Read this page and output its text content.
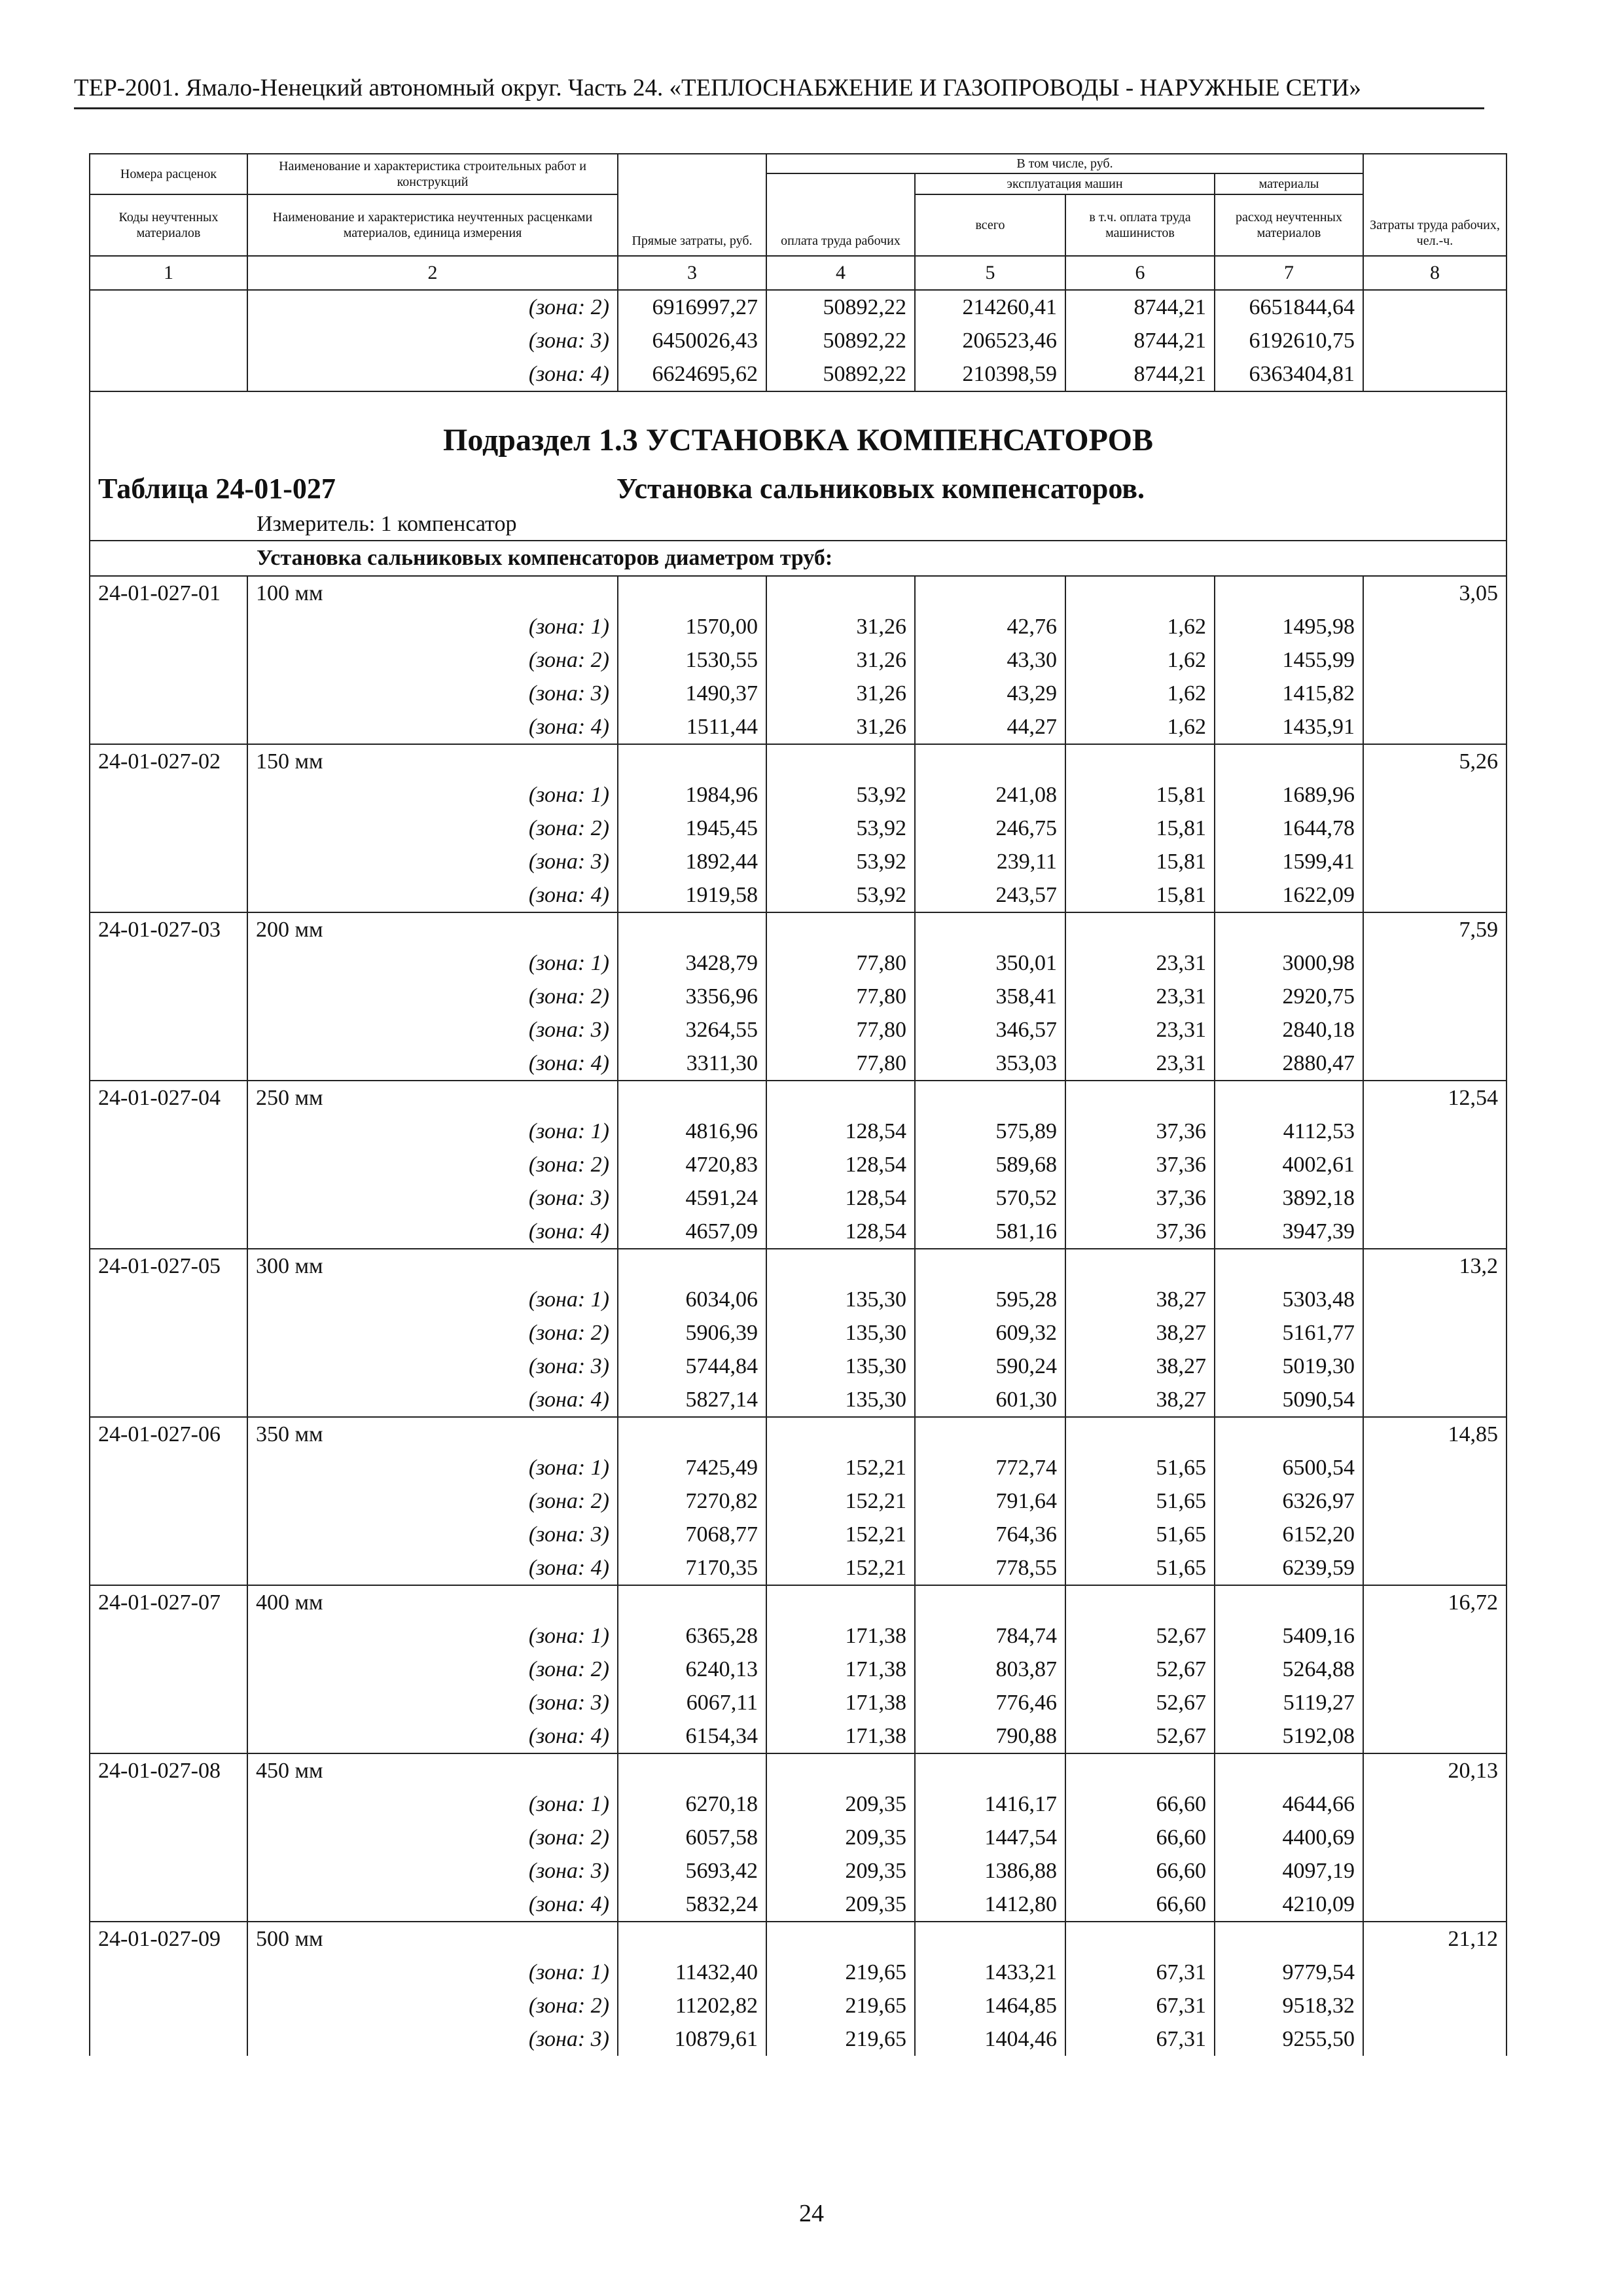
ТЕР-2001. Ямало-Ненецкий автономный округ. Часть 24. «ТЕПЛОСНАБЖЕНИЕ И ГАЗОПРОВОДЫ - НАРУЖНЫЕ СЕТИ»
Номера расценок	Наименование и характеристика строительных работ и конструкций	Прямые затраты, руб.	В том числе, руб.				Затраты труда рабочих, чел.-ч.
			оплата труда рабочих	эксплуатация машин		материалы	
Коды неучтенных материалов	Наименование и характеристика неучтенных расценками материалов, единица измерения			всего	в т.ч. оплата труда машинистов	расход неучтенных материалов	
1	2	3	4	5	6	7	8
	(зона: 2)	6916997,27	50892,22	214260,41	8744,21	6651844,64	
	(зона: 3)	6450026,43	50892,22	206523,46	8744,21	6192610,75	
	(зона: 4)	6624695,62	50892,22	210398,59	8744,21	6363404,81	
Подраздел 1.3 УСТАНОВКА КОМПЕНСАТОРОВ							

Таблица 24-01-027 Установка сальниковых компенсаторов.							

Измеритель: 1 компенсатор							
Установка сальниковых компенсаторов диаметром труб:							
24-01-027-01	100 мм						3,05
	(зона: 1)	1570,00	31,26	42,76	1,62	1495,98	
	(зона: 2)	1530,55	31,26	43,30	1,62	1455,99	
	(зона: 3)	1490,37	31,26	43,29	1,62	1415,82	
	(зона: 4)	1511,44	31,26	44,27	1,62	1435,91	
24-01-027-02	150 мм						5,26
	(зона: 1)	1984,96	53,92	241,08	15,81	1689,96	
	(зона: 2)	1945,45	53,92	246,75	15,81	1644,78	
	(зона: 3)	1892,44	53,92	239,11	15,81	1599,41	
	(зона: 4)	1919,58	53,92	243,57	15,81	1622,09	
24-01-027-03	200 мм						7,59
	(зона: 1)	3428,79	77,80	350,01	23,31	3000,98	
	(зона: 2)	3356,96	77,80	358,41	23,31	2920,75	
	(зона: 3)	3264,55	77,80	346,57	23,31	2840,18	
	(зона: 4)	3311,30	77,80	353,03	23,31	2880,47	
24-01-027-04	250 мм						12,54
	(зона: 1)	4816,96	128,54	575,89	37,36	4112,53	
	(зона: 2)	4720,83	128,54	589,68	37,36	4002,61	
	(зона: 3)	4591,24	128,54	570,52	37,36	3892,18	
	(зона: 4)	4657,09	128,54	581,16	37,36	3947,39	
24-01-027-05	300 мм						13,2
	(зона: 1)	6034,06	135,30	595,28	38,27	5303,48	
	(зона: 2)	5906,39	135,30	609,32	38,27	5161,77	
	(зона: 3)	5744,84	135,30	590,24	38,27	5019,30	
	(зона: 4)	5827,14	135,30	601,30	38,27	5090,54	
24-01-027-06	350 мм						14,85
	(зона: 1)	7425,49	152,21	772,74	51,65	6500,54	
	(зона: 2)	7270,82	152,21	791,64	51,65	6326,97	
	(зона: 3)	7068,77	152,21	764,36	51,65	6152,20	
	(зона: 4)	7170,35	152,21	778,55	51,65	6239,59	
24-01-027-07	400 мм						16,72
	(зона: 1)	6365,28	171,38	784,74	52,67	5409,16	
	(зона: 2)	6240,13	171,38	803,87	52,67	5264,88	
	(зона: 3)	6067,11	171,38	776,46	52,67	5119,27	
	(зона: 4)	6154,34	171,38	790,88	52,67	5192,08	
24-01-027-08	450 мм						20,13
	(зона: 1)	6270,18	209,35	1416,17	66,60	4644,66	
	(зона: 2)	6057,58	209,35	1447,54	66,60	4400,69	
	(зона: 3)	5693,42	209,35	1386,88	66,60	4097,19	
	(зона: 4)	5832,24	209,35	1412,80	66,60	4210,09	
24-01-027-09	500 мм						21,12
	(зона: 1)	11432,40	219,65	1433,21	67,31	9779,54	
	(зона: 2)	11202,82	219,65	1464,85	67,31	9518,32	
	(зона: 3)	10879,61	219,65	1404,46	67,31	9255,50	
24
